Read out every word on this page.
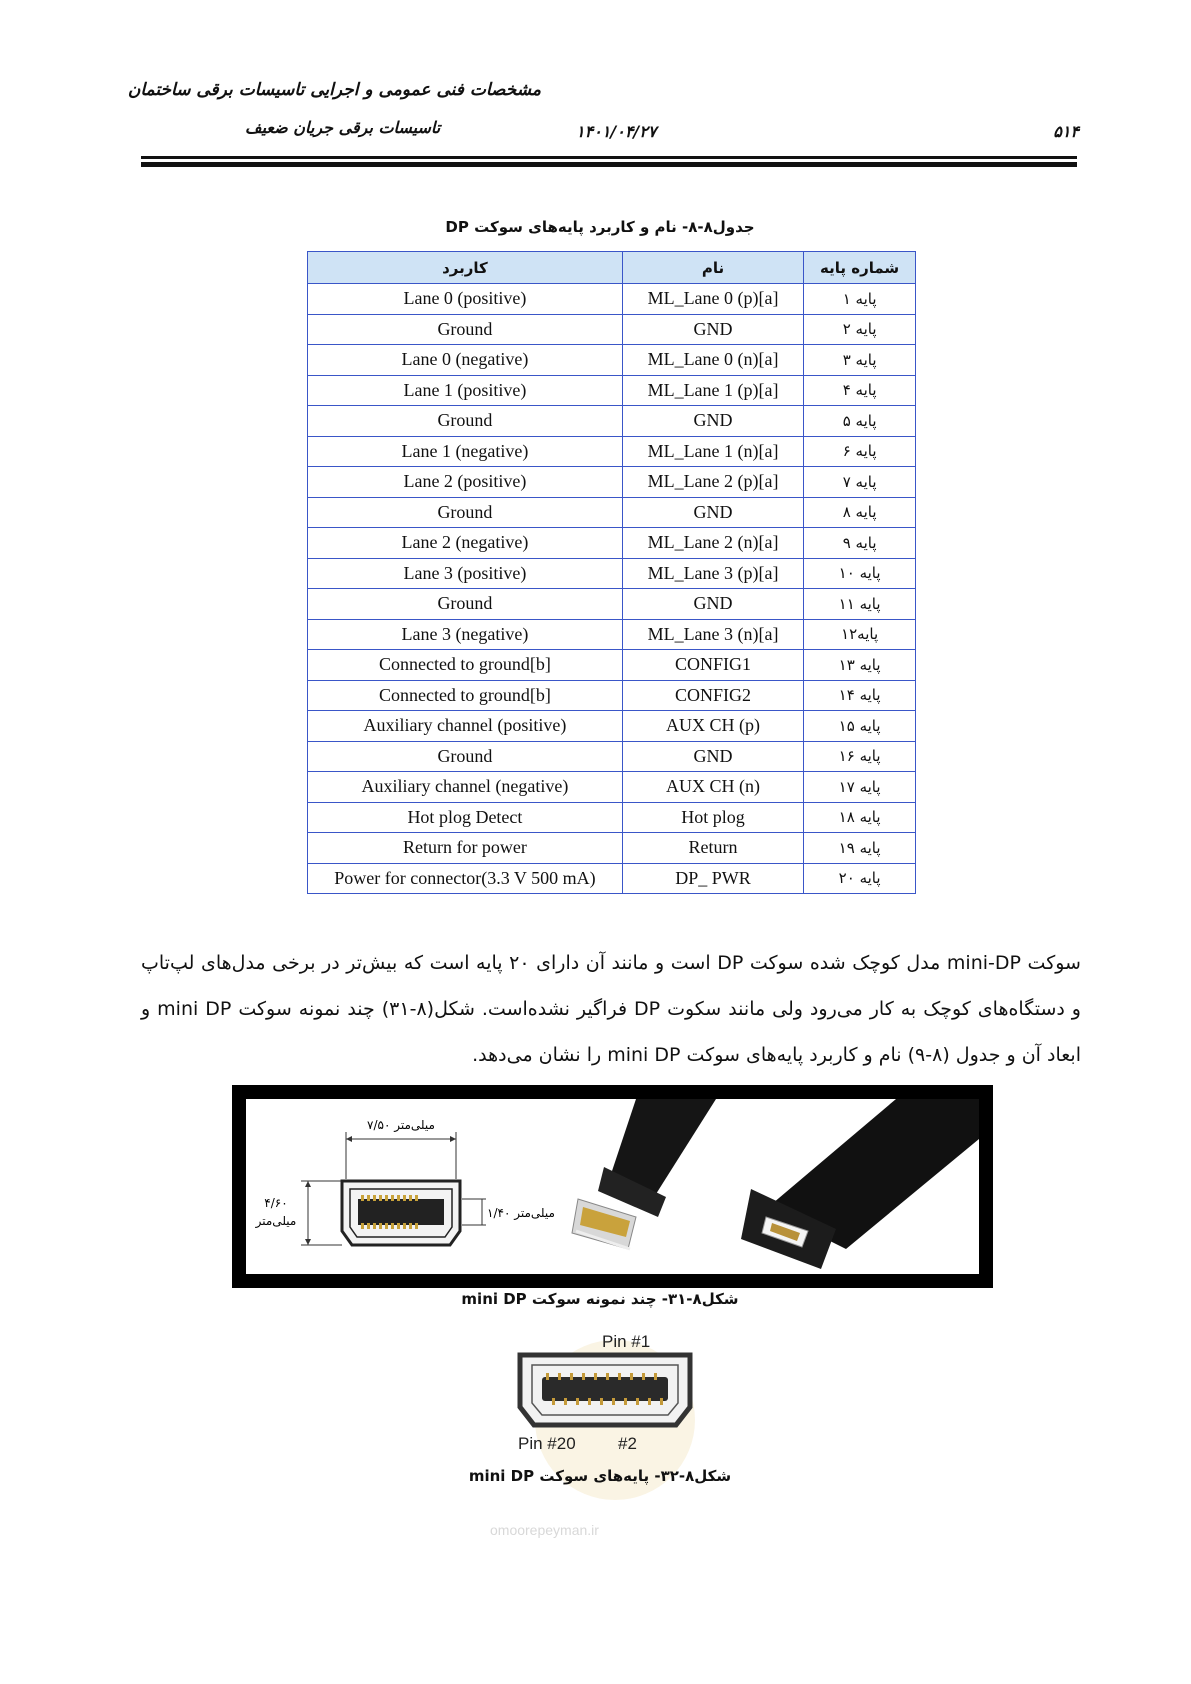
مشخصات فنی عمومی و اجرایی تاسیسات برقی ساختمان
تاسیسات برقی جریان ضعیف	۱۴۰۱/۰۴/۲۷	۵۱۴
جدول۸-۸- نام و کاربرد پایه‌های سوکت DP
کاربرد	نام	شماره پایه
Lane 0 (positive)	ML_Lane 0 (p)[a]	پایه ۱
Ground	GND	پایه ۲
Lane 0 (negative)	ML_Lane 0 (n)[a]	پایه ۳
Lane 1 (positive)	ML_Lane 1 (p)[a]	پایه ۴
Ground	GND	پایه ۵
Lane 1 (negative)	ML_Lane 1 (n)[a]	پایه ۶
Lane 2 (positive)	ML_Lane 2 (p)[a]	پایه ۷
Ground	GND	پایه ۸
Lane 2 (negative)	ML_Lane 2 (n)[a]	پایه ۹
Lane 3 (positive)	ML_Lane 3 (p)[a]	پایه ۱۰
Ground	GND	پایه ۱۱
Lane 3 (negative)	ML_Lane 3 (n)[a]	پایه۱۲
Connected to ground[b]	CONFIG1	پایه ۱۳
Connected to ground[b]	CONFIG2	پایه ۱۴
Auxiliary channel (positive)	AUX CH (p)	پایه ۱۵
Ground	GND	پایه ۱۶
Auxiliary channel (negative)	AUX CH (n)	پایه ۱۷
Hot plog Detect	Hot plog	پایه ۱۸
Return for power	Return	پایه ۱۹
Power for connector(3.3 V 500 mA)	DP_ PWR	پایه ۲۰
سوکت mini-DP مدل کوچک شده سوکت DP است و مانند آن دارای ۲۰ پایه است که بیش‌تر در برخی مدل‌های لپ‌تاپ و دستگاه‌های کوچک به کار می‌رود ولی مانند سکوت DP فراگیر نشده‌است. شکل(۸-۳۱) چند نمونه سوکت mini DP و ابعاد آن و جدول (۸-۹) نام و کاربرد پایه‌های سوکت mini DP را نشان می‌دهد.
۷/۵۰ میلی‌متر
۴/۶۰
میلی‌متر
۱/۴۰ میلی‌متر
شکل۸-۳۱- چند نمونه سوکت mini DP
Pin #1
Pin #20 #2
omoorepeyman.ir
شکل۸-۳۲- پایه‌های سوکت mini DP
